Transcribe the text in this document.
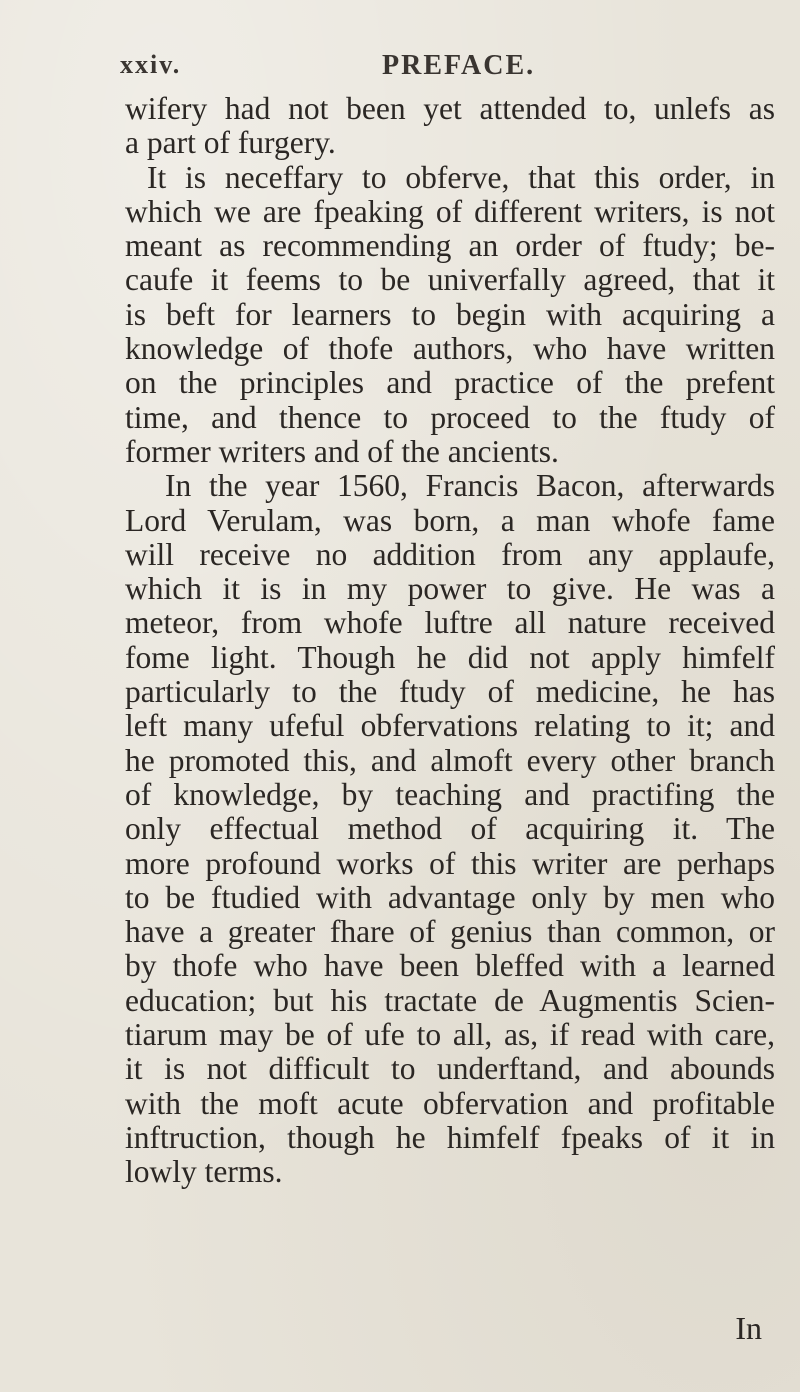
xxiv.	PREFACE.
wifery had not been yet attended to, unlefs as
a part of furgery.
It is neceffary to obferve, that this order, in
which we are fpeaking of different writers, is not
meant as recommending an order of ftudy; be-
caufe it feems to be univerfally agreed, that it
is beft for learners to begin with acquiring a
knowledge of thofe authors, who have written
on the principles and practice of the prefent
time, and thence to proceed to the ftudy of
former writers and of the ancients.
In the year 1560, Francis Bacon, afterwards
Lord Verulam, was born, a man whofe fame
will receive no addition from any applaufe,
which it is in my power to give. He was a
meteor, from whofe luftre all nature received
fome light. Though he did not apply himfelf
particularly to the ftudy of medicine, he has
left many ufeful obfervations relating to it; and
he promoted this, and almoft every other branch
of knowledge, by teaching and practifing the
only effectual method of acquiring it. The
more profound works of this writer are perhaps
to be ftudied with advantage only by men who
have a greater fhare of genius than common, or
by thofe who have been bleffed with a learned
education; but his tractate de Augmentis Scien-
tiarum may be of ufe to all, as, if read with care,
it is not difficult to underftand, and abounds
with the moft acute obfervation and profitable
inftruction, though he himfelf fpeaks of it in
lowly terms.
In
